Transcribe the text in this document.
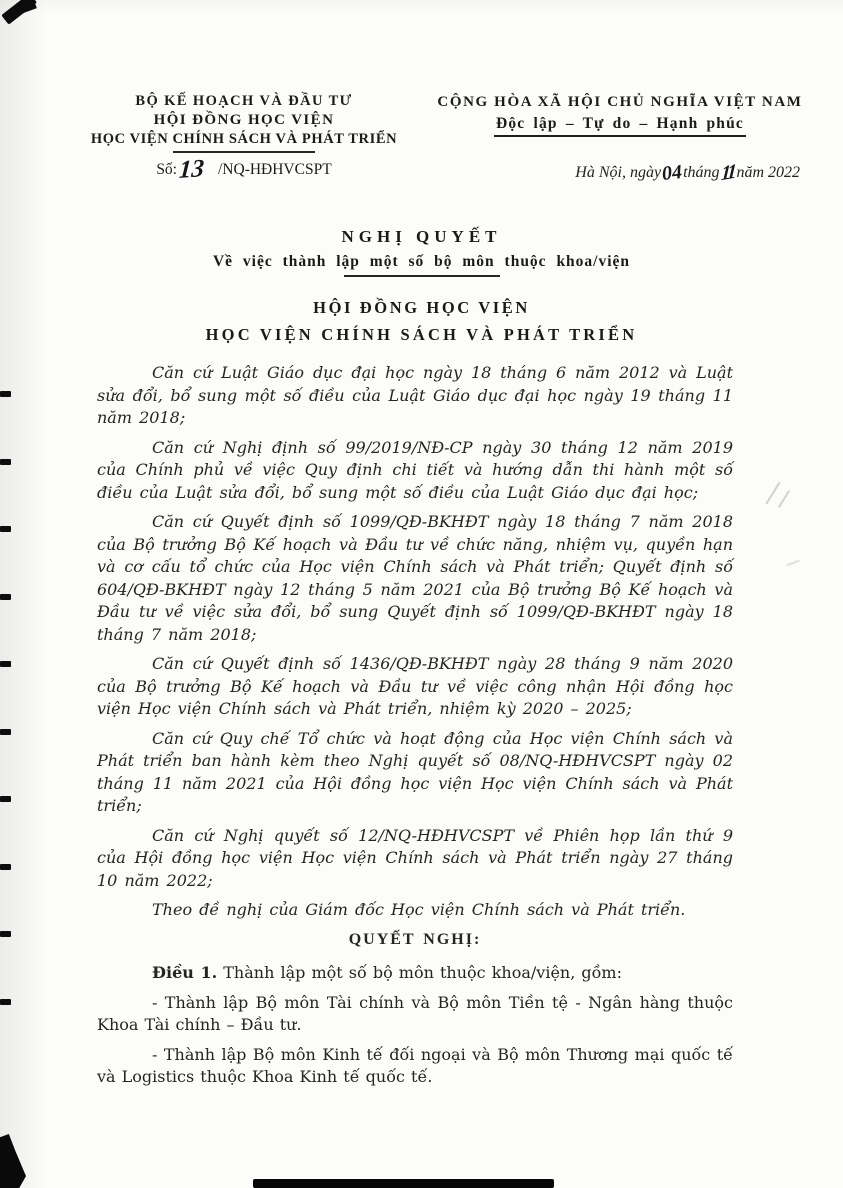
BỘ KẾ HOẠCH VÀ ĐẦU TƯ
HỘI ĐỒNG HỌC VIỆN
HỌC VIỆN CHÍNH SÁCH VÀ PHÁT TRIỂN
Số:13 /NQ-HĐHVCSPT
CỘNG HÒA XÃ HỘI CHỦ NGHĨA VIỆT NAM
Độc lập – Tự do – Hạnh phúc
Hà Nội, ngày04tháng11 năm 2022
NGHỊ QUYẾT
Về việc thành lập một số bộ môn thuộc khoa/viện
HỘI ĐỒNG HỌC VIỆN
HỌC VIỆN CHÍNH SÁCH VÀ PHÁT TRIỂN

Căn cứ Luật Giáo dục đại học ngày 18 tháng 6 năm 2012 và Luật sửa đổi, bổ sung một số điều của Luật Giáo dục đại học ngày 19 tháng 11 năm 2018;

Căn cứ Nghị định số 99/2019/NĐ-CP ngày 30 tháng 12 năm 2019 của Chính phủ về việc Quy định chi tiết và hướng dẫn thi hành một số điều của Luật sửa đổi, bổ sung một số điều của Luật Giáo dục đại học;

Căn cứ Quyết định số 1099/QĐ-BKHĐT ngày 18 tháng 7 năm 2018 của Bộ trưởng Bộ Kế hoạch và Đầu tư về chức năng, nhiệm vụ, quyền hạn và cơ cấu tổ chức của Học viện Chính sách và Phát triển; Quyết định số 604/QĐ-BKHĐT ngày 12 tháng 5 năm 2021 của Bộ trưởng Bộ Kế hoạch và Đầu tư về việc sửa đổi, bổ sung Quyết định số 1099/QĐ-BKHĐT ngày 18 tháng 7 năm 2018;

Căn cứ Quyết định số 1436/QĐ-BKHĐT ngày 28 tháng 9 năm 2020 của Bộ trưởng Bộ Kế hoạch và Đầu tư về việc công nhận Hội đồng học viện Học viện Chính sách và Phát triển, nhiệm kỳ 2020 – 2025;

Căn cứ Quy chế Tổ chức và hoạt động của Học viện Chính sách và Phát triển ban hành kèm theo Nghị quyết số 08/NQ-HĐHVCSPT ngày 02 tháng 11 năm 2021 của Hội đồng học viện Học viện Chính sách và Phát triển;

Căn cứ Nghị quyết số 12/NQ-HĐHVCSPT về Phiên họp lần thứ 9 của Hội đồng học viện Học viện Chính sách và Phát triển ngày 27 tháng 10 năm 2022;

Theo đề nghị của Giám đốc Học viện Chính sách và Phát triển.

QUYẾT NGHỊ:

Điều 1. Thành lập một số bộ môn thuộc khoa/viện, gồm:

- Thành lập Bộ môn Tài chính và Bộ môn Tiền tệ - Ngân hàng thuộc Khoa Tài chính – Đầu tư.

- Thành lập Bộ môn Kinh tế đối ngoại và Bộ môn Thương mại quốc tế và Logistics thuộc Khoa Kinh tế quốc tế.
